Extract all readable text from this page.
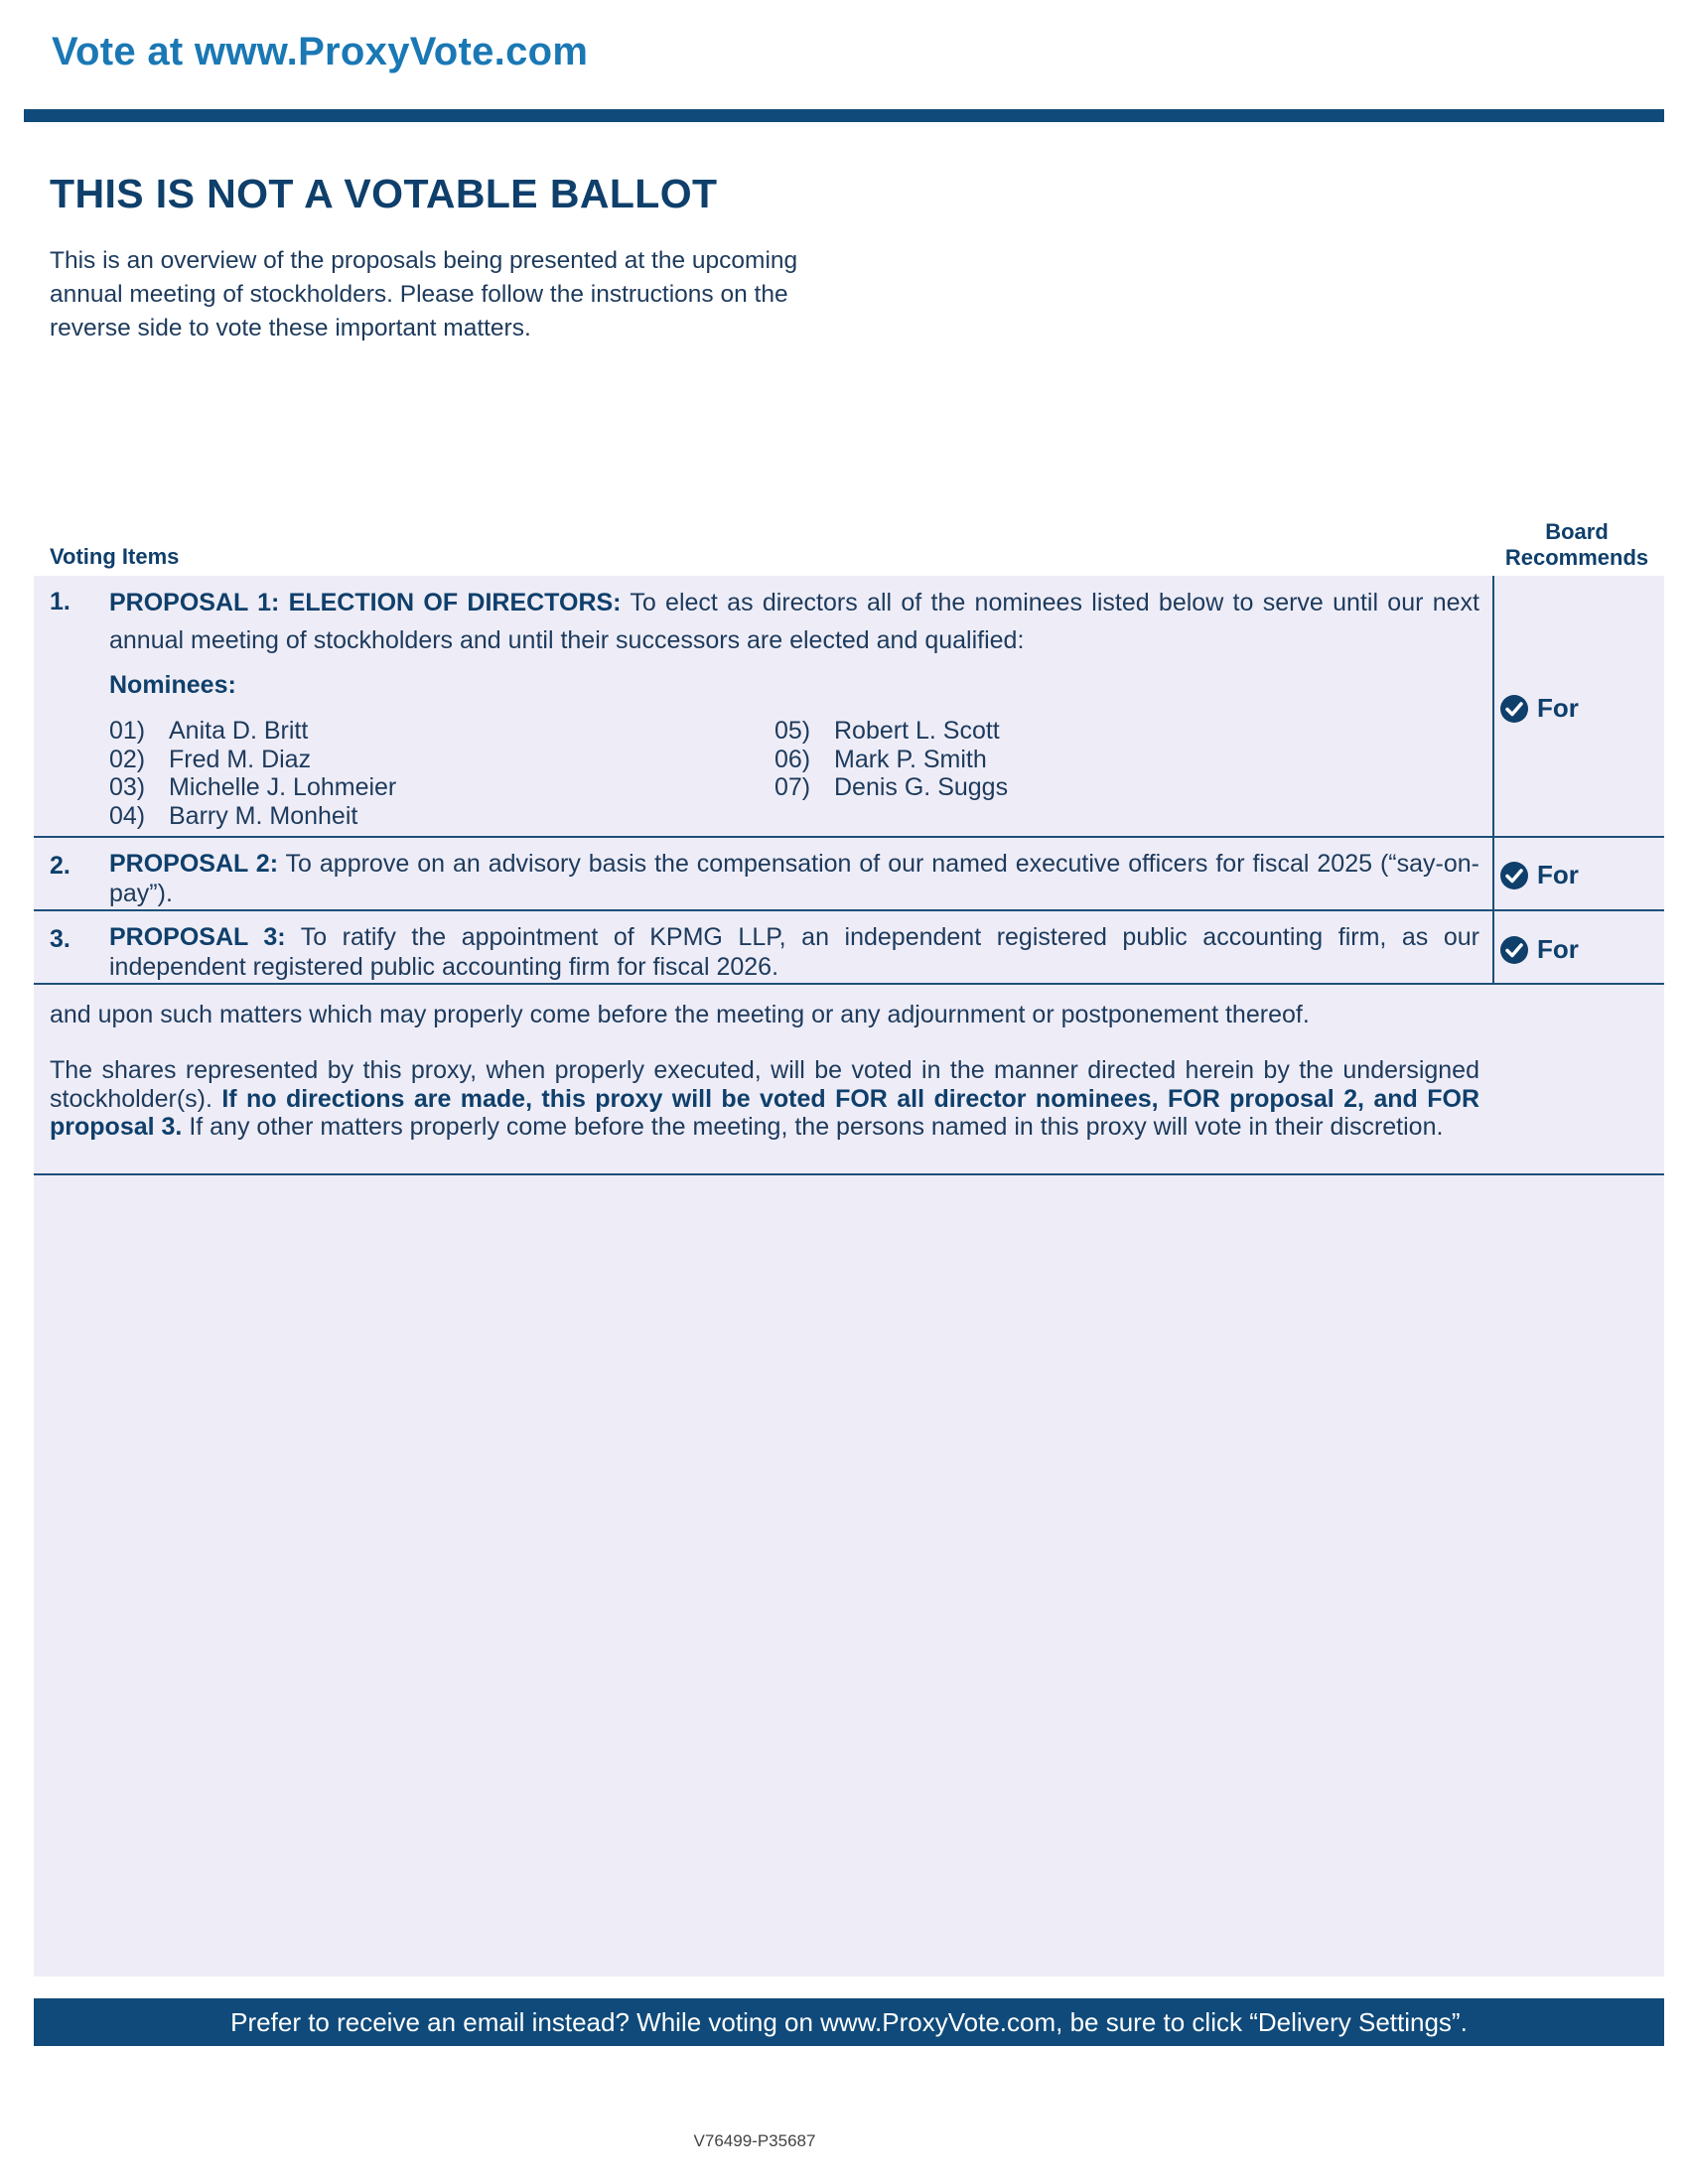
Vote at www.ProxyVote.com
THIS IS NOT A VOTABLE BALLOT
This is an overview of the proposals being presented at the upcoming annual meeting of stockholders. Please follow the instructions on the reverse side to vote these important matters.
Voting Items
Board
Recommends
1. PROPOSAL 1: ELECTION OF DIRECTORS: To elect as directors all of the nominees listed below to serve until our next annual meeting of stockholders and until their successors are elected and qualified:
Nominees:
01) Anita D. Britt
02) Fred M. Diaz
03) Michelle J. Lohmeier
04) Barry M. Monheit
05) Robert L. Scott
06) Mark P. Smith
07) Denis G. Suggs
For
2. PROPOSAL 2: To approve on an advisory basis the compensation of our named executive officers for fiscal 2025 (“say-on-pay”).
For
3. PROPOSAL 3: To ratify the appointment of KPMG LLP, an independent registered public accounting firm, as our independent registered public accounting firm for fiscal 2026.
For
and upon such matters which may properly come before the meeting or any adjournment or postponement thereof.
The shares represented by this proxy, when properly executed, will be voted in the manner directed herein by the undersigned stockholder(s). If no directions are made, this proxy will be voted FOR all director nominees, FOR proposal 2, and FOR proposal 3. If any other matters properly come before the meeting, the persons named in this proxy will vote in their discretion.
Prefer to receive an email instead? While voting on www.ProxyVote.com, be sure to click “Delivery Settings”.
V76499-P35687
